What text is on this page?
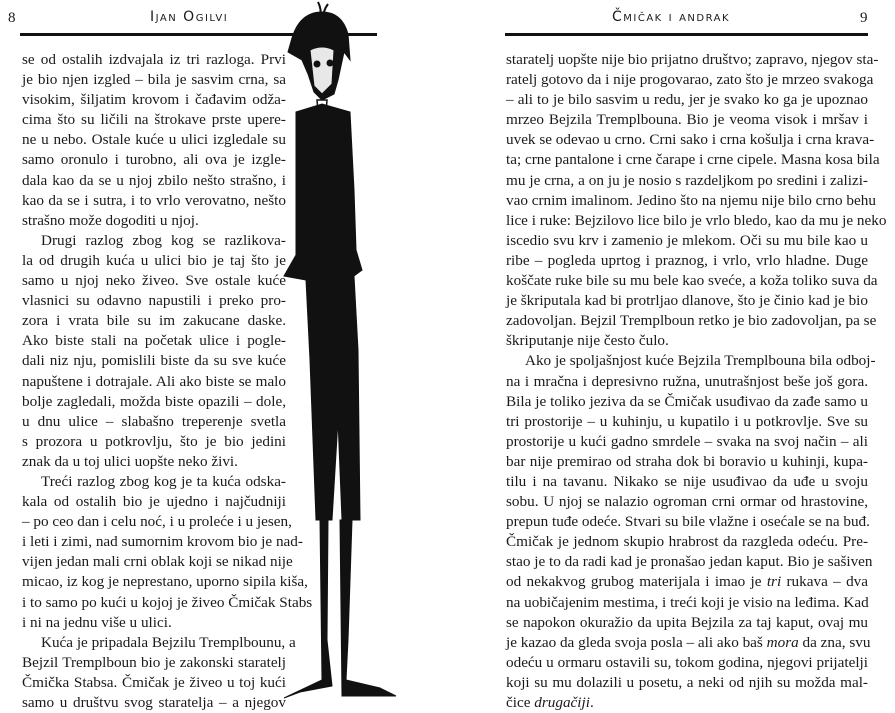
8	Ijan Ogilvi
se od ostalih izdvajala iz tri razloga. Prvi
je bio njen izgled – bila je sasvim crna, sa
visokim, šiljatim krovom i čađavim odža-
cima što su ličili na štrokave prste upere-
ne u nebo. Ostale kuće u ulici izgledale su
samo oronulo i turobno, ali ova je izgle-
dala kao da se u njoj zbilo nešto strašno, i
kao da se i sutra, i to vrlo verovatno, nešto
strašno može dogoditi u njoj.
Drugi razlog zbog kog se razlikova-
la od drugih kuća u ulici bio je taj što je
samo u njoj neko živeo. Sve ostale kuće
vlasnici su odavno napustili i preko pro-
zora i vrata bile su im zakucane daske.
Ako biste stali na početak ulice i pogle-
dali niz nju, pomislili biste da su sve kuće
napuštene i dotrajale. Ali ako biste se malo
bolje zagledali, možda biste opazili – dole,
u dnu ulice – slabašno treperenje svetla
s prozora u potkrovlju, što je bio jedini
znak da u toj ulici uopšte neko živi.
Treći razlog zbog kog je ta kuća odska-
kala od ostalih bio je ujedno i najčudniji
– po ceo dan i celu noć, i u proleće i u jesen,
i leti i zimi, nad sumornim krovom bio je nad-
vijen jedan mali crni oblak koji se nikad nije
micao, iz kog je neprestano, uporno sipila kiša,
i to samo po kući u kojoj je živeo Čmičak Stabs
i ni na jednu više u ulici.
Kuća je pripadala Bejzilu Tremplbounu, a
Bejzil Tremplboun bio je zakonski staratelj
Čmička Stabsa. Čmičak je živeo u toj kući
samo u društvu svog staratelja – a njegov
9
Čmičak i andrak
staratelj uopšte nije bio prijatno društvo; zapravo, njegov sta-
ratelj gotovo da i nije progovarao, zato što je mrzeo svakoga
– ali to je bilo sasvim u redu, jer je svako ko ga je upoznao
mrzeo Bejzila Tremplbouna. Bio je veoma visok i mršav i
uvek se odevao u crno. Crni sako i crna košulja i crna krava-
ta; crne pantalone i crne čarape i crne cipele. Masna kosa bila
mu je crna, a on ju je nosio s razdeljkom po sredini i zalizi-
vao crnim imalinom. Jedino što na njemu nije bilo crno behu
lice i ruke: Bejzilovo lice bilo je vrlo bledo, kao da mu je neko
iscedio svu krv i zamenio je mlekom. Oči su mu bile kao u
ribe – pogleda uprtog i praznog, i vrlo, vrlo hladne. Duge
koščate ruke bile su mu bele kao sveće, a koža toliko suva da
je škriputala kad bi protrljao dlanove, što je činio kad je bio
zadovoljan. Bejzil Tremplboun retko je bio zadovoljan, pa se
škriputanje nije često čulo.
Ako je spoljašnjost kuće Bejzila Tremplbouna bila odboj-
na i mračna i depresivno ružna, unutrašnjost beše još gora.
Bila je toliko jeziva da se Čmičak usuđivao da zađe samo u
tri prostorije – u kuhinju, u kupatilo i u potkrovlje. Sve su
prostorije u kući gadno smrdele – svaka na svoj način – ali
bar nije premirao od straha dok bi boravio u kuhinji, kupa-
tilu i na tavanu. Nikako se nije usuđivao da uđe u svoju
sobu. U njoj se nalazio ogroman crni ormar od hrastovine,
prepun tuđe odeće. Stvari su bile vlažne i osećale se na buđ.
Čmičak je jednom skupio hrabrost da razgleda odeću. Pre-
stao je to da radi kad je pronašao jedan kaput. Bio je sašiven
od nekakvog grubog materijala i imao je tri rukava – dva
na uobičajenim mestima, i treći koji je visio na leđima. Kad
se napokon okuražio da upita Bejzila za taj kaput, ovaj mu
je kazao da gleda svoja posla – ali ako baš mora da zna, svu
odeću u ormaru ostavili su, tokom godina, njegovi prijatelji
koji su mu dolazili u posetu, a neki od njih su možda mal-
čice drugačiji.
